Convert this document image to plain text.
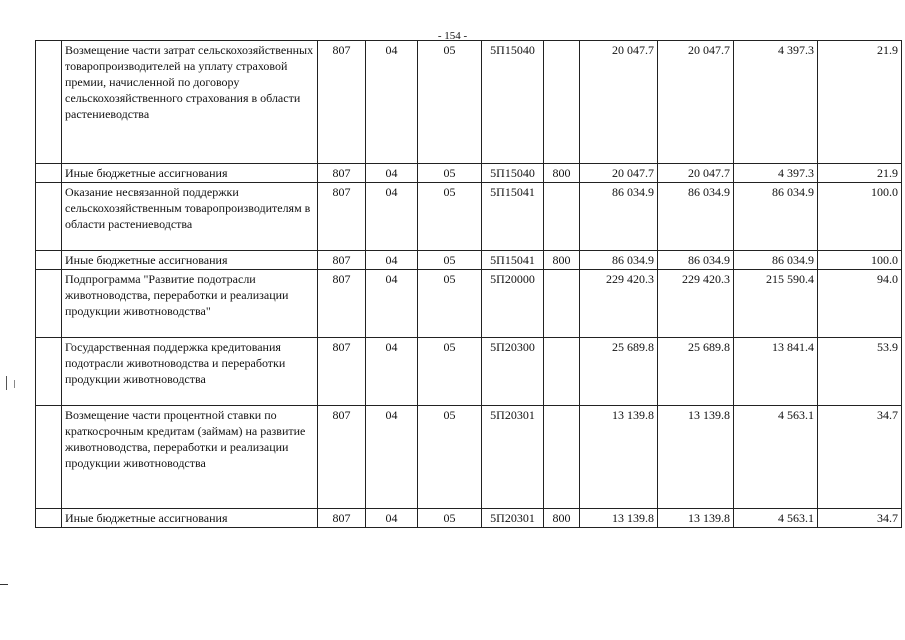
- 154 -
	Возмещение части затрат сельскохозяйственных товаропроизводителей на уплату страховой премии, начисленной по договору сельскохозяйственного страхования в области растениеводства	807	04	05	5П15040		20 047.7	20 047.7	4 397.3	21.9
	Иные бюджетные ассигнования	807	04	05	5П15040	800	20 047.7	20 047.7	4 397.3	21.9
	Оказание несвязанной поддержки сельскохозяйственным товаропроизводителям в области растениеводства	807	04	05	5П15041		86 034.9	86 034.9	86 034.9	100.0
	Иные бюджетные ассигнования	807	04	05	5П15041	800	86 034.9	86 034.9	86 034.9	100.0
	Подпрограмма "Развитие подотрасли животноводства, переработки и реализации продукции животноводства"	807	04	05	5П20000		229 420.3	229 420.3	215 590.4	94.0
	Государственная поддержка кредитования подотрасли животноводства и переработки продукции животноводства	807	04	05	5П20300		25 689.8	25 689.8	13 841.4	53.9
	Возмещение части процентной ставки по краткосрочным кредитам (займам) на развитие животноводства, переработки и реализации продукции животноводства	807	04	05	5П20301		13 139.8	13 139.8	4 563.1	34.7
	Иные бюджетные ассигнования	807	04	05	5П20301	800	13 139.8	13 139.8	4 563.1	34.7
